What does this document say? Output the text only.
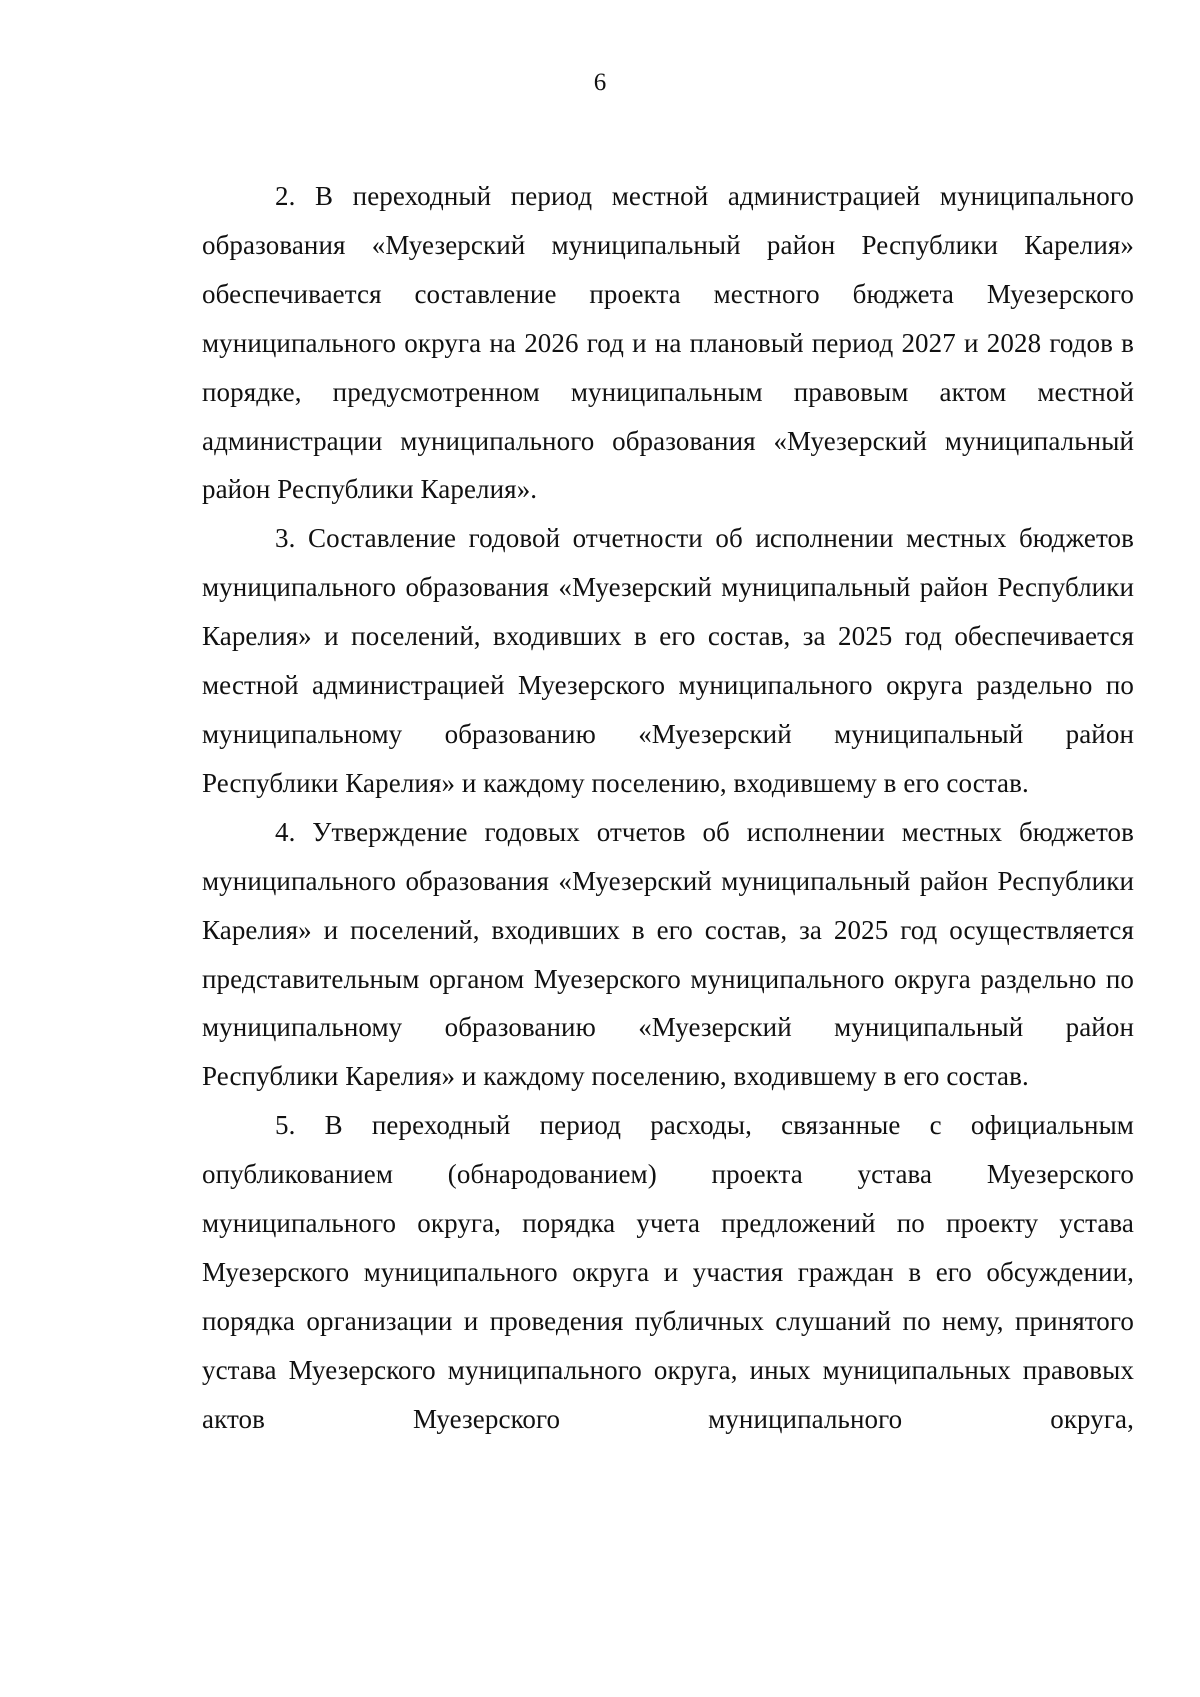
6

2. В переходный период местной администрацией муниципального образования «Муезерский муниципальный район Республики Карелия» обеспечивается составление проекта местного бюджета Муезерского муниципального округа на 2026 год и на плановый период 2027 и 2028 годов в порядке, предусмотренном муниципальным правовым актом местной администрации муниципального образования «Муезерский муниципальный район Республики Карелия».

3. Составление годовой отчетности об исполнении местных бюджетов муниципального образования «Муезерский муниципальный район Республики Карелия» и поселений, входивших в его состав, за 2025 год обеспечивается местной администрацией Муезерского муниципального округа раздельно по муниципальному образованию «Муезерский муниципальный район Республики Карелия» и каждому поселению, входившему в его состав.

4. Утверждение годовых отчетов об исполнении местных бюджетов муниципального образования «Муезерский муниципальный район Республики Карелия» и поселений, входивших в его состав, за 2025 год осуществляется представительным органом Муезерского муниципального округа раздельно по муниципальному образованию «Муезерский муниципальный район Республики Карелия» и каждому поселению, входившему в его состав.

5. В переходный период расходы, связанные с официальным опубликованием (обнародованием) проекта устава Муезерского муниципального округа, порядка учета предложений по проекту устава Муезерского муниципального округа и участия граждан в его обсуждении, порядка организации и проведения публичных слушаний по нему, принятого устава Муезерского муниципального округа, иных муниципальных правовых актов Муезерского муниципального округа,
